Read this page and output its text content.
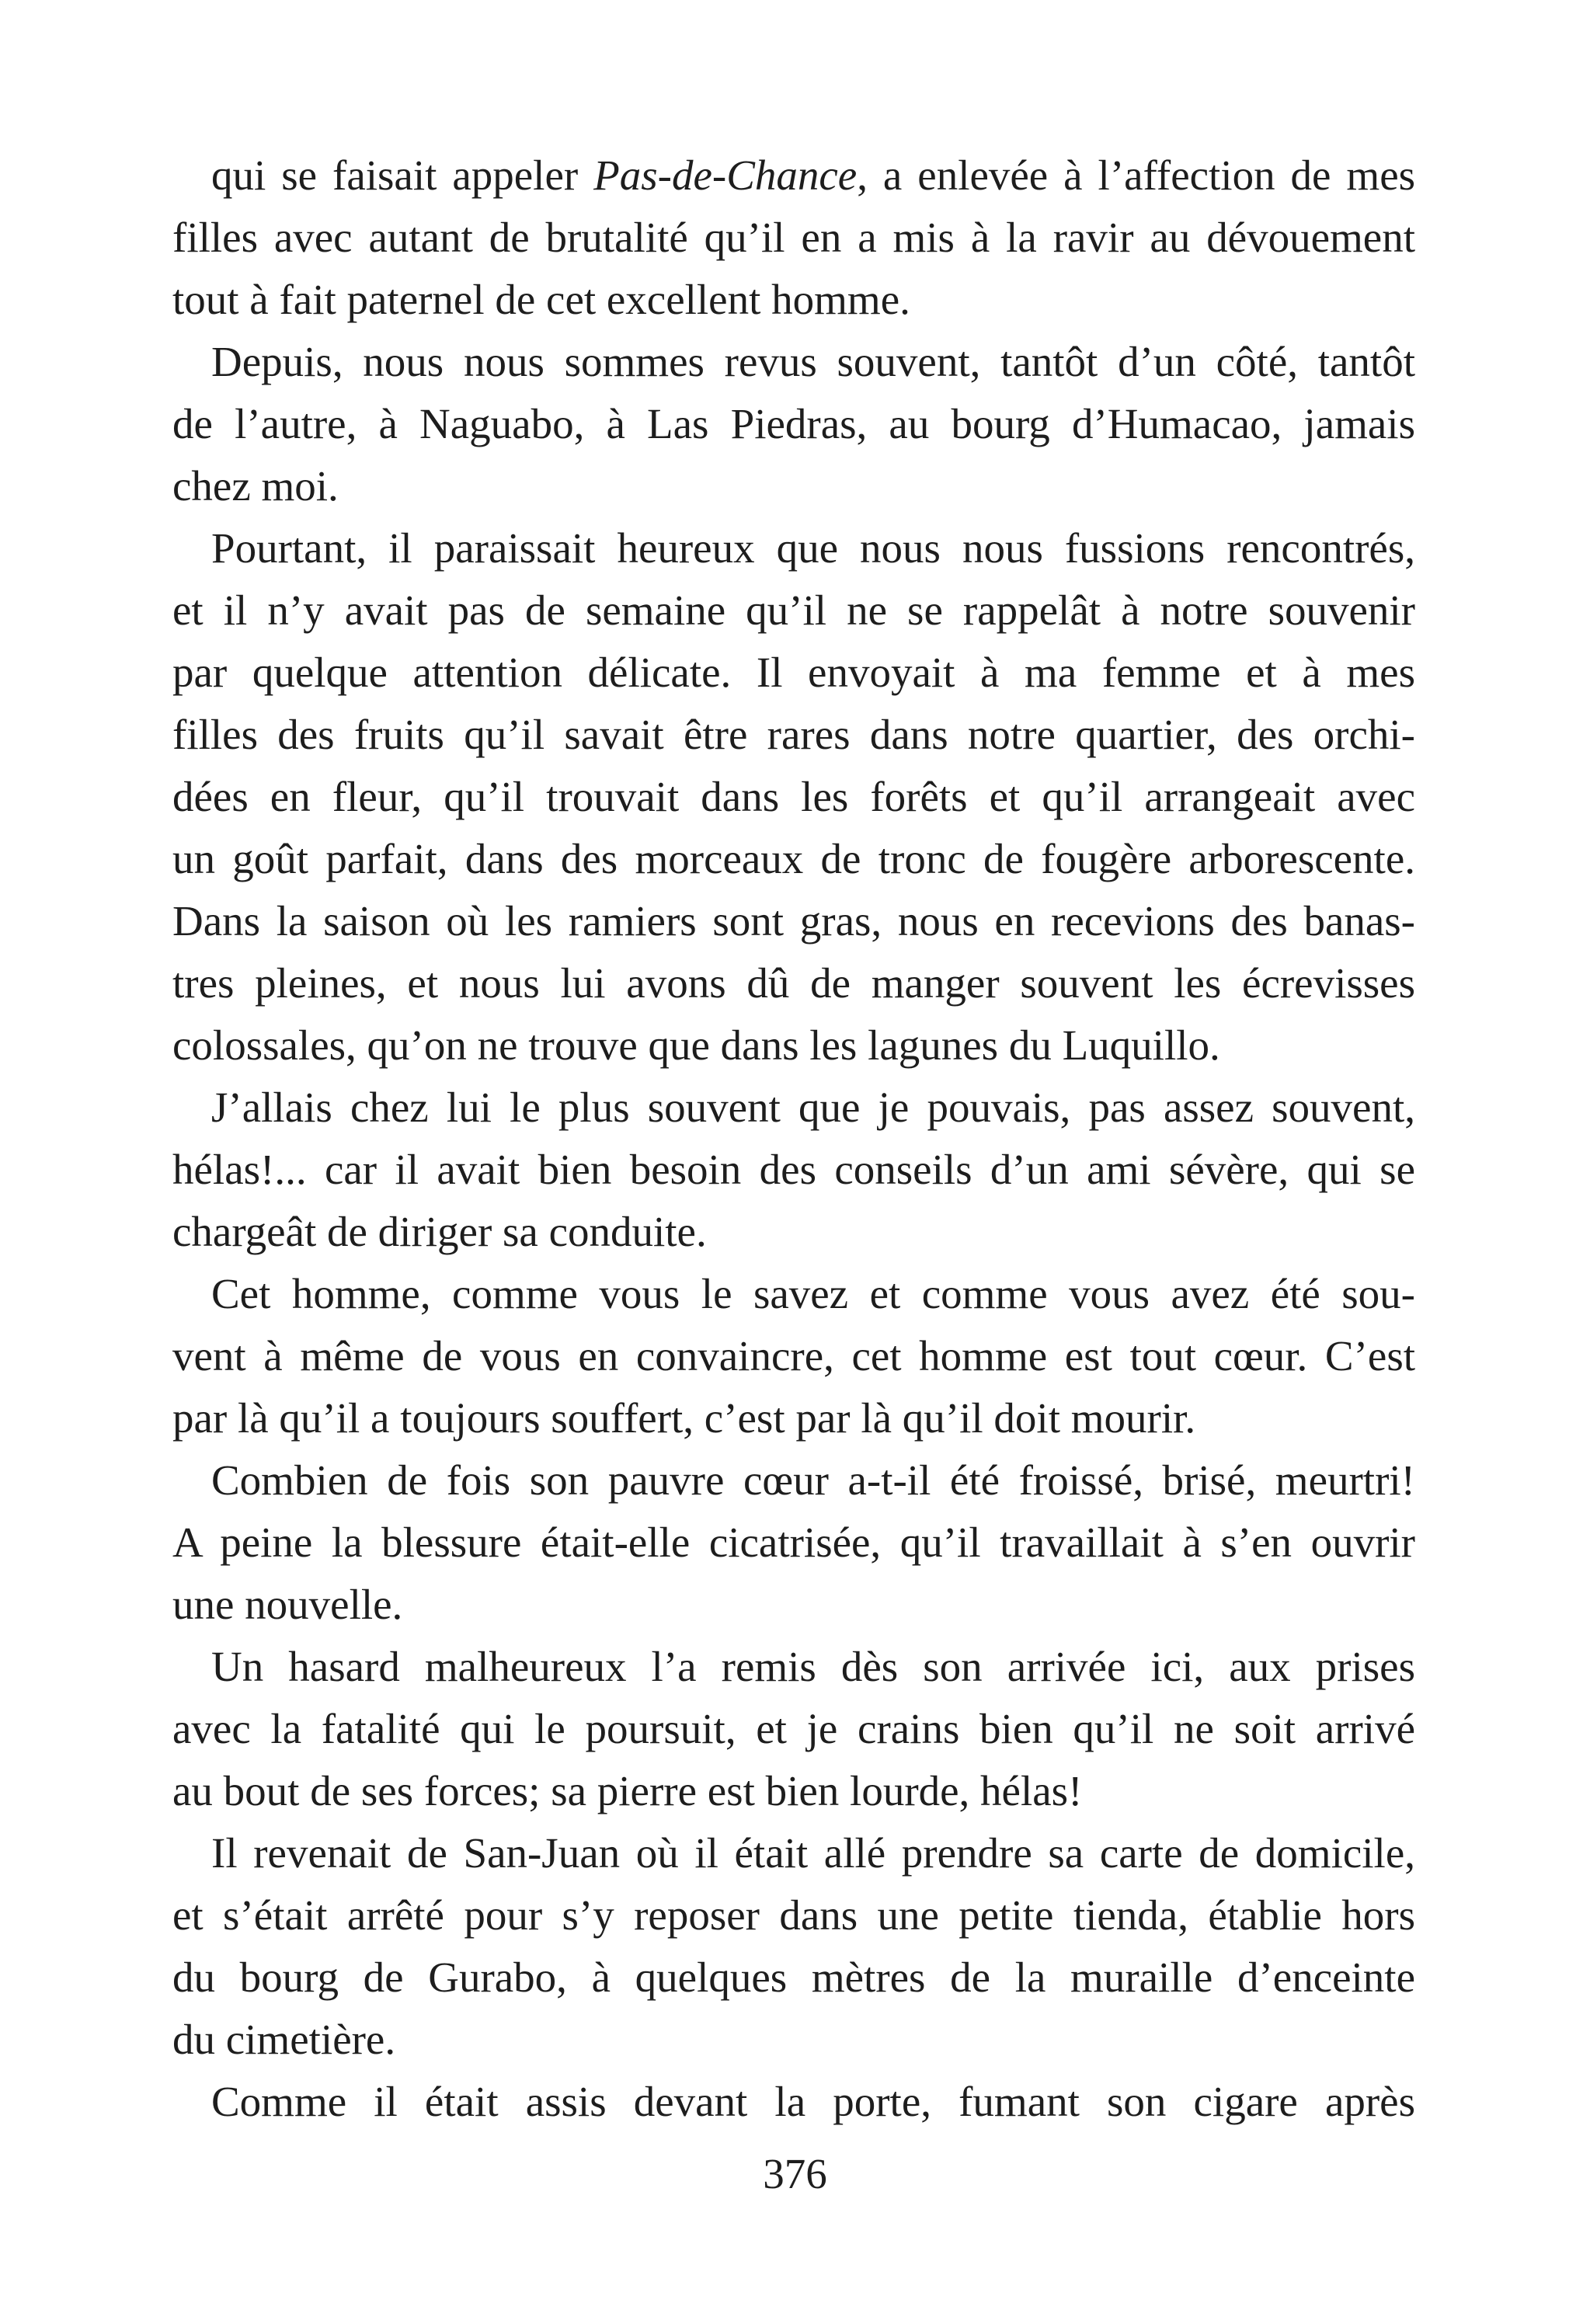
qui se faisait appeler Pas-de-Chance, a enlevée à l’affection de mes
filles avec autant de brutalité qu’il en a mis à la ravir au dévouement
tout à fait paternel de cet excellent homme.
Depuis, nous nous sommes revus souvent, tantôt d’un côté, tantôt
de l’autre, à Naguabo, à Las Piedras, au bourg d’Humacao, jamais
chez moi.
Pourtant, il paraissait heureux que nous nous fussions rencontrés,
et il n’y avait pas de semaine qu’il ne se rappelât à notre souvenir
par quelque attention délicate. Il envoyait à ma femme et à mes
filles des fruits qu’il savait être rares dans notre quartier, des orchi-
dées en fleur, qu’il trouvait dans les forêts et qu’il arrangeait avec
un goût parfait, dans des morceaux de tronc de fougère arborescente.
Dans la saison où les ramiers sont gras, nous en recevions des banas-
tres pleines, et nous lui avons dû de manger souvent les écrevisses
colossales, qu’on ne trouve que dans les lagunes du Luquillo.
J’allais chez lui le plus souvent que je pouvais, pas assez souvent,
hélas!... car il avait bien besoin des conseils d’un ami sévère, qui se
chargeât de diriger sa conduite.
Cet homme, comme vous le savez et comme vous avez été sou-
vent à même de vous en convaincre, cet homme est tout cœur. C’est
par là qu’il a toujours souffert, c’est par là qu’il doit mourir.
Combien de fois son pauvre cœur a-t-il été froissé, brisé, meurtri!
A peine la blessure était-elle cicatrisée, qu’il travaillait à s’en ouvrir
une nouvelle.
Un hasard malheureux l’a remis dès son arrivée ici, aux prises
avec la fatalité qui le poursuit, et je crains bien qu’il ne soit arrivé
au bout de ses forces; sa pierre est bien lourde, hélas!
Il revenait de San-Juan où il était allé prendre sa carte de domicile,
et s’était arrêté pour s’y reposer dans une petite tienda, établie hors
du bourg de Gurabo, à quelques mètres de la muraille d’enceinte
du cimetière.
Comme il était assis devant la porte, fumant son cigare après
376
